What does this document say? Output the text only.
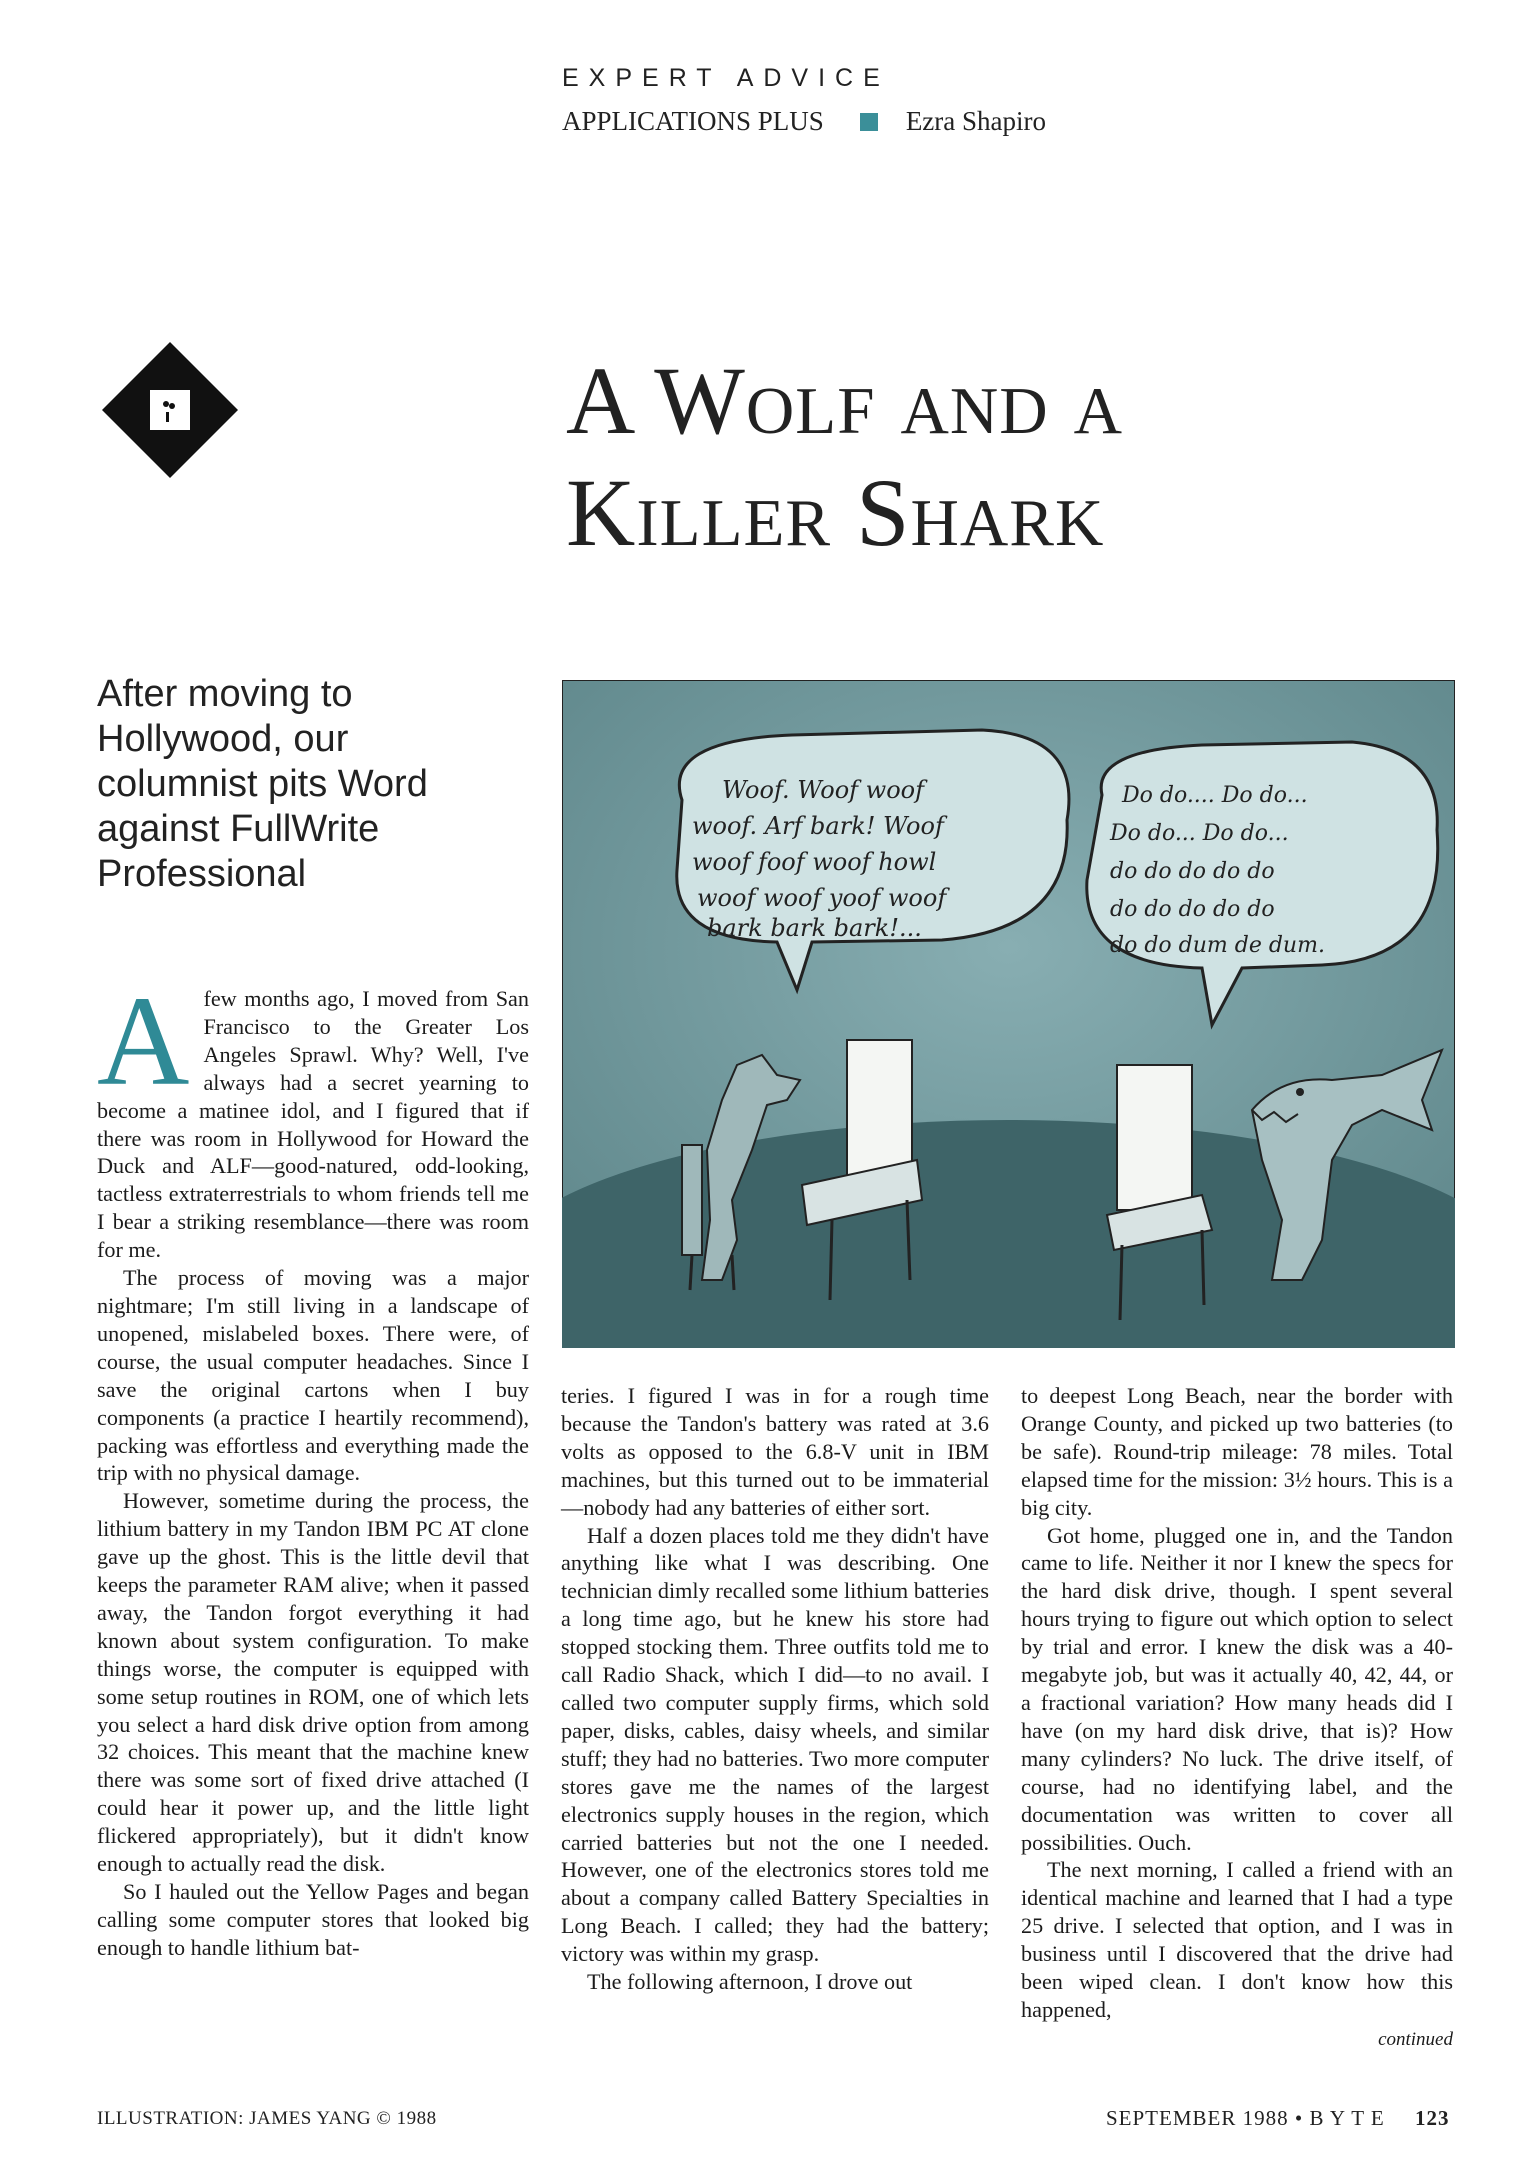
EXPERT ADVICE
APPLICATIONS PLUS	Ezra Shapiro
A Wolf and a
Killer Shark
After moving to Hollywood, our columnist pits Word against FullWrite Professional
Woof. Woof woof
woof. Arf bark! Woof
woof foof woof howl
woof woof yoof woof
bark bark bark!...
Do do.... Do do...
Do do... Do do...
do do do do do
do do do do do
do do dum de dum.

Afew months ago, I moved from San Francisco to the Greater Los Angeles Sprawl. Why? Well, I've always had a secret yearning to become a matinee idol, and I figured that if there was room in Hollywood for Howard the Duck and ALF—good-natured, odd-looking, tactless extraterrestrials to whom friends tell me I bear a striking resemblance—there was room for me.

The process of moving was a major nightmare; I'm still living in a landscape of unopened, mislabeled boxes. There were, of course, the usual computer headaches. Since I save the original cartons when I buy components (a practice I heartily recommend), packing was effortless and everything made the trip with no physical damage.

However, sometime during the process, the lithium battery in my Tandon IBM PC AT clone gave up the ghost. This is the little devil that keeps the parameter RAM alive; when it passed away, the Tandon forgot everything it had known about system configuration. To make things worse, the computer is equipped with some setup routines in ROM, one of which lets you select a hard disk drive option from among 32 choices. This meant that the machine knew there was some sort of fixed drive attached (I could hear it power up, and the little light flickered appropriately), but it didn't know enough to actually read the disk.

So I hauled out the Yellow Pages and began calling some computer stores that looked big enough to handle lithium bat-

teries. I figured I was in for a rough time because the Tandon's battery was rated at 3.6 volts as opposed to the 6.8-V unit in IBM machines, but this turned out to be immaterial—nobody had any batteries of either sort.

Half a dozen places told me they didn't have anything like what I was describing. One technician dimly recalled some lithium batteries a long time ago, but he knew his store had stopped stocking them. Three outfits told me to call Radio Shack, which I did—to no avail. I called two computer supply firms, which sold paper, disks, cables, daisy wheels, and similar stuff; they had no batteries. Two more computer stores gave me the names of the largest electronics supply houses in the region, which carried batteries but not the one I needed. However, one of the electronics stores told me about a company called Battery Specialties in Long Beach. I called; they had the battery; victory was within my grasp.

The following afternoon, I drove out

to deepest Long Beach, near the border with Orange County, and picked up two batteries (to be safe). Round-trip mileage: 78 miles. Total elapsed time for the mission: 3½ hours. This is a big city.

Got home, plugged one in, and the Tandon came to life. Neither it nor I knew the specs for the hard disk drive, though. I spent several hours trying to figure out which option to select by trial and error. I knew the disk was a 40-megabyte job, but was it actually 40, 42, 44, or a fractional variation? How many heads did I have (on my hard disk drive, that is)? How many cylinders? No luck. The drive itself, of course, had no identifying label, and the documentation was written to cover all possibilities. Ouch.

The next morning, I called a friend with an identical machine and learned that I had a type 25 drive. I selected that option, and I was in business until I discovered that the drive had been wiped clean. I don't know how this happened,

continued
ILLUSTRATION: JAMES YANG © 1988	SEPTEMBER 1988 • B Y T E 123
